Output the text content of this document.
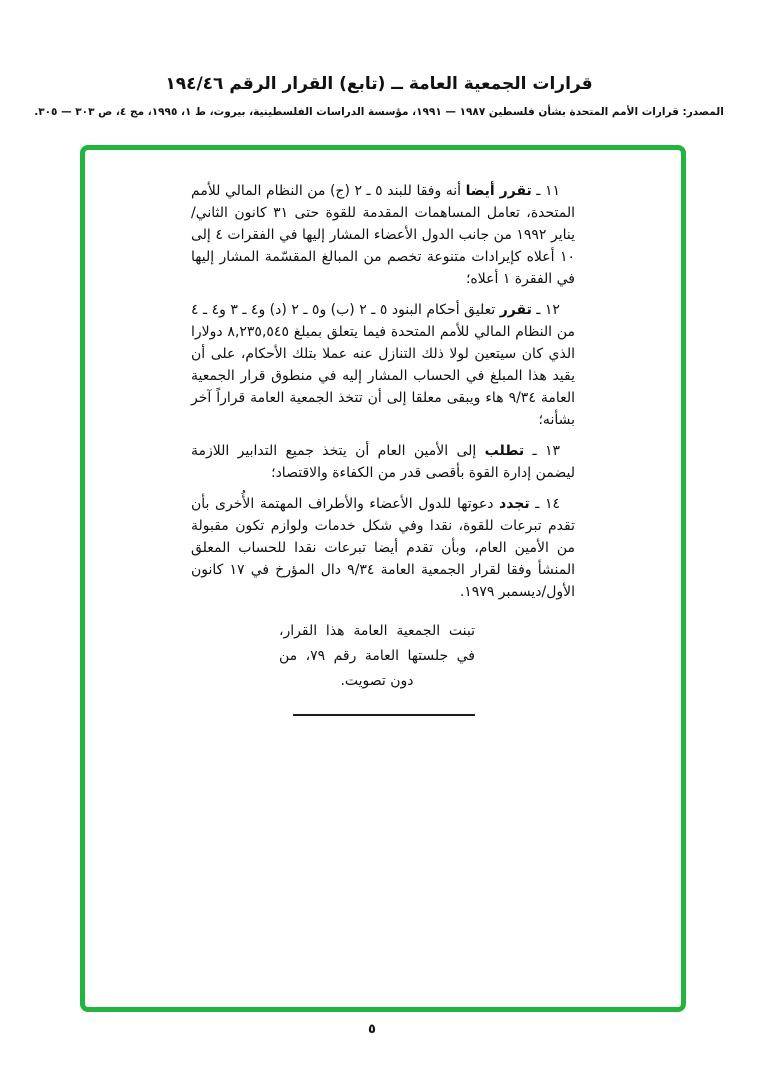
قرارات الجمعية العامة ــ (تابع) القرار الرقم ١٩٤/٤٦
المصدر: قرارات الأمم المتحدة بشأن فلسطين ١٩٨٧ — ١٩٩١، مؤسسة الدراسات الفلسطينية، بيروت، ط ١، ١٩٩٥، مج ٤، ص ٣٠٣ — ٣٠٥.

١١ ـ تقرر أيضا أنه وفقا للبند ٥ ـ ٢ (ج) من النظام المالي للأمم المتحدة، تعامل المساهمات المقدمة للقوة حتى ٣١ كانون الثاني/يناير ١٩٩٢ من جانب الدول الأعضاء المشار إليها في الفقرات ٤ إلى ١٠ أعلاه كإيرادات متنوعة تخصم من المبالغ المقسّمة المشار إليها في الفقرة ١ أعلاه؛

١٢ ـ تقرر تعليق أحكام البنود ٥ ـ ٢ (ب) و٥ ـ ٢ (د) و٤ ـ ٣ و٤ ـ ٤ من النظام المالي للأمم المتحدة فيما يتعلق بمبلغ ٨,٢٣٥,٥٤٥ دولارا الذي كان سيتعين لولا ذلك التنازل عنه عملا بتلك الأحكام، على أن يقيد هذا المبلغ في الحساب المشار إليه في منطوق قرار الجمعية العامة ٩/٣٤ هاء ويبقى معلقا إلى أن تتخذ الجمعية العامة قراراً آخر بشأنه؛

١٣ ـ تطلب إلى الأمين العام أن يتخذ جميع التدابير اللازمة ليضمن إدارة القوة بأقصى قدر من الكفاءة والاقتصاد؛

١٤ ـ تجدد دعوتها للدول الأعضاء والأطراف المهتمة الأُخرى بأن تقدم تبرعات للقوة، نقدا وفي شكل خدمات ولوازم تكون مقبولة من الأمين العام، وبأن تقدم أيضا تبرعات نقدا للحساب المعلق المنشأ وفقا لقرار الجمعية العامة ٩/٣٤ دال المؤرخ في ١٧ كانون الأول/ديسمبر ١٩٧٩.

تبنت الجمعية العامة هذا القرار،
في جلستها العامة رقم ٧٩، من
دون تصويت.
٥
